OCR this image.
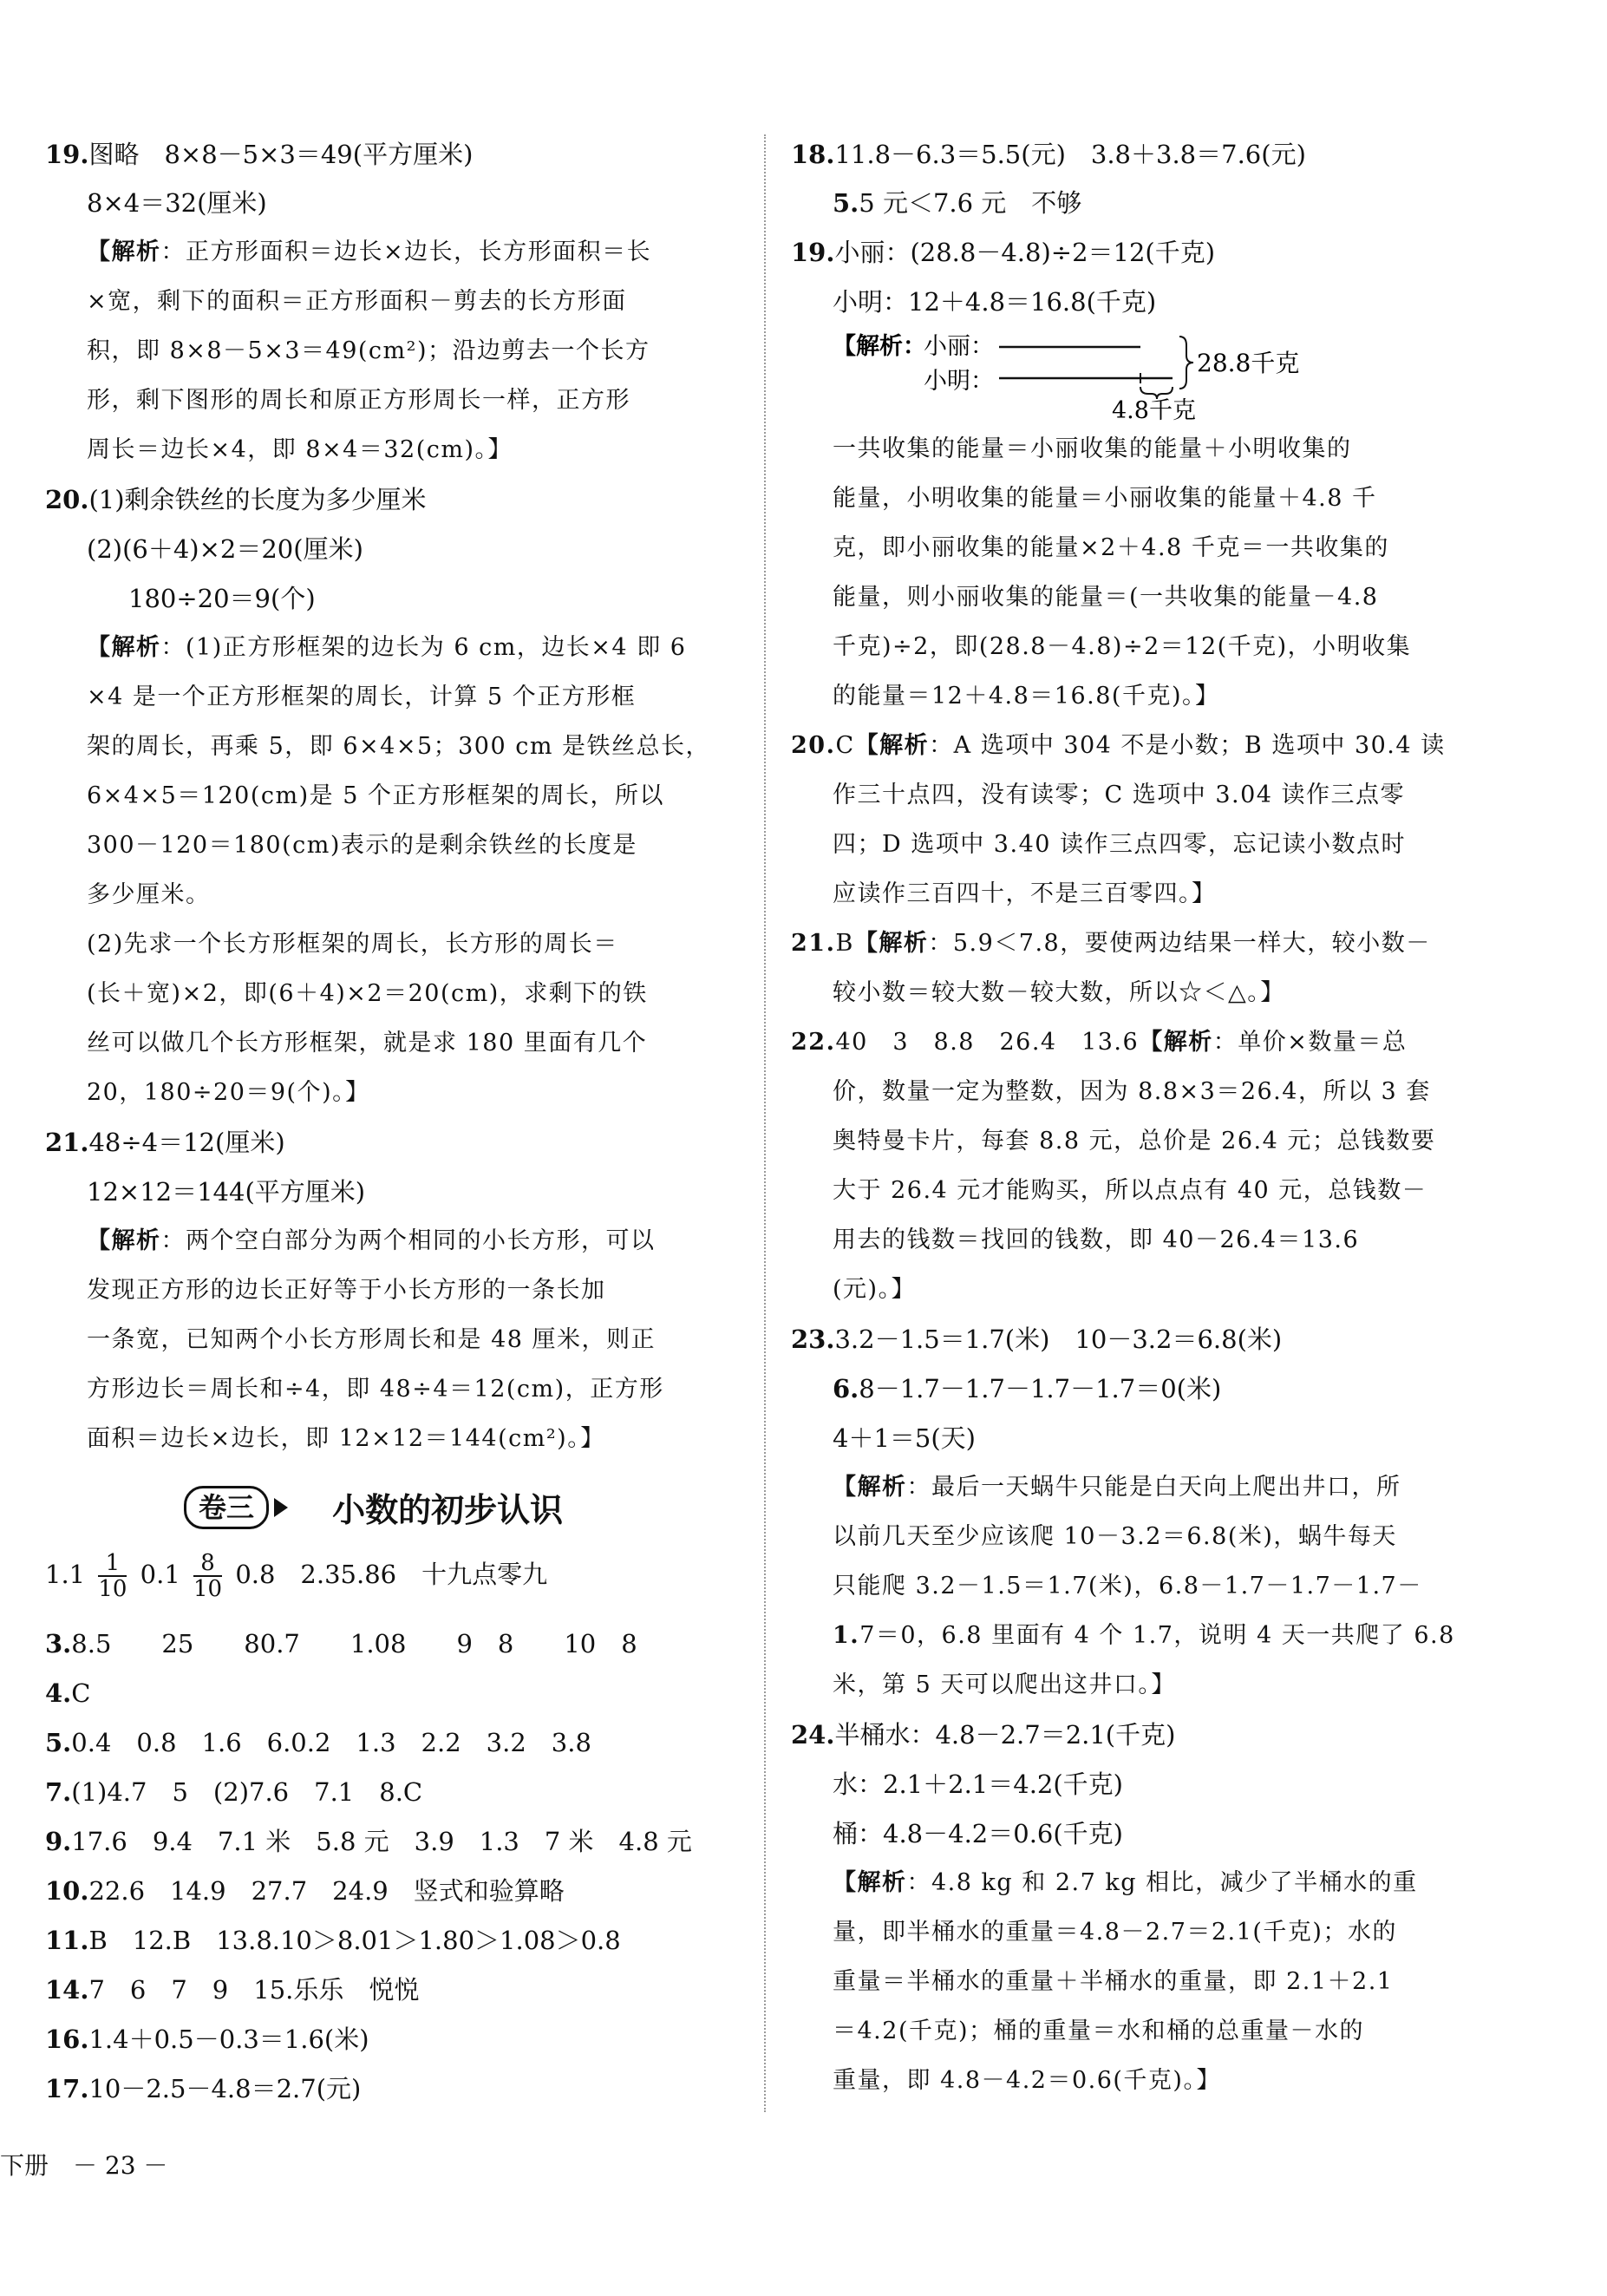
19.图略　8×8－5×3＝49(平方厘米)
8×4＝32(厘米)
【解析：正方形面积＝边长×边长，长方形面积＝长
×宽，剩下的面积＝正方形面积－剪去的长方形面
积，即 8×8－5×3＝49(cm²)；沿边剪去一个长方
形，剩下图形的周长和原正方形周长一样，正方形
周长＝边长×4，即 8×4＝32(cm)。】
20.(1)剩余铁丝的长度为多少厘米
(2)(6＋4)×2＝20(厘米)
180÷20＝9(个)
【解析：(1)正方形框架的边长为 6 cm，边长×4 即 6
×4 是一个正方形框架的周长，计算 5 个正方形框
架的周长，再乘 5，即 6×4×5；300 cm 是铁丝总长，
6×4×5＝120(cm)是 5 个正方形框架的周长，所以
300－120＝180(cm)表示的是剩余铁丝的长度是
多少厘米。
(2)先求一个长方形框架的周长，长方形的周长＝
(长＋宽)×2，即(6＋4)×2＝20(cm)，求剩下的铁
丝可以做几个长方形框架，就是求 180 里面有几个
20，180÷20＝9(个)。】
21.48÷4＝12(厘米)
12×12＝144(平方厘米)
【解析：两个空白部分为两个相同的小长方形，可以
发现正方形的边长正好等于小长方形的一条长加
一条宽，已知两个小长方形周长和是 48 厘米，则正
方形边长＝周长和÷4，即 48÷4＝12(cm)，正方形
面积＝边长×边长，即 12×12＝144(cm²)。】
卷三 小数的初步认识
$1.1 \frac{1}{10} 0.1 \frac{8}{10} 0.8$　2.35.86　十九点零九
3.8.5　　25　　80.7　　1.08　　9　8　　10　8
4.C
5.0.4　0.8　1.6　6.0.2　1.3　2.2　3.2　3.8
7.(1)4.7　5　(2)7.6　7.1　8.C
9.17.6　9.4　7.1 米　5.8 元　3.9　1.3　7 米　4.8 元
10.22.6　14.9　27.7　24.9　竖式和验算略
11.B　12.B　13.8.10＞8.01＞1.80＞1.08＞0.8
14.7　6　7　9　15.乐乐　悦悦
16.1.4＋0.5－0.3＝1.6(米)
17.10－2.5－4.8＝2.7(元)
18.11.8－6.3＝5.5(元)　3.8＋3.8＝7.6(元)
5.5 元＜7.6 元　不够
19.小丽：(28.8－4.8)÷2＝12(千克)
小明：12＋4.8＝16.8(千克)
【解析：
小丽：
小明：
28.8千克
4.8千克
一共收集的能量＝小丽收集的能量＋小明收集的
能量，小明收集的能量＝小丽收集的能量＋4.8 千
克，即小丽收集的能量×2＋4.8 千克＝一共收集的
能量，则小丽收集的能量＝(一共收集的能量－4.8
千克)÷2，即(28.8－4.8)÷2＝12(千克)，小明收集
的能量＝12＋4.8＝16.8(千克)。】
20.C【解析：A 选项中 304 不是小数；B 选项中 30.4 读
作三十点四，没有读零；C 选项中 3.04 读作三点零
四；D 选项中 3.40 读作三点四零，忘记读小数点时
应读作三百四十，不是三百零四。】
21.B【解析：5.9＜7.8，要使两边结果一样大，较小数－
较小数＝较大数－较大数，所以☆＜△。】
22.40　3　8.8　26.4　13.6【解析：单价×数量＝总
价，数量一定为整数，因为 8.8×3＝26.4，所以 3 套
奥特曼卡片，每套 8.8 元，总价是 26.4 元；总钱数要
大于 26.4 元才能购买，所以点点有 40 元，总钱数－
用去的钱数＝找回的钱数，即 40－26.4＝13.6
(元)。】
23.3.2－1.5＝1.7(米)　10－3.2＝6.8(米)
6.8－1.7－1.7－1.7－1.7＝0(米)
4＋1＝5(天)
【解析：最后一天蜗牛只能是白天向上爬出井口，所
以前几天至少应该爬 10－3.2＝6.8(米)，蜗牛每天
只能爬 3.2－1.5＝1.7(米)，6.8－1.7－1.7－1.7－
1.7＝0，6.8 里面有 4 个 1.7，说明 4 天一共爬了 6.8
米，第 5 天可以爬出这井口。】
24.半桶水：4.8－2.7＝2.1(千克)
水：2.1＋2.1＝4.2(千克)
桶：4.8－4.2＝0.6(千克)
【解析：4.8 kg 和 2.7 kg 相比，减少了半桶水的重
量，即半桶水的重量＝4.8－2.7＝2.1(千克)；水的
重量＝半桶水的重量＋半桶水的重量，即 2.1＋2.1
＝4.2(千克)；桶的重量＝水和桶的总重量－水的
重量，即 4.8－4.2＝0.6(千克)。】
下册　－ 23 －
